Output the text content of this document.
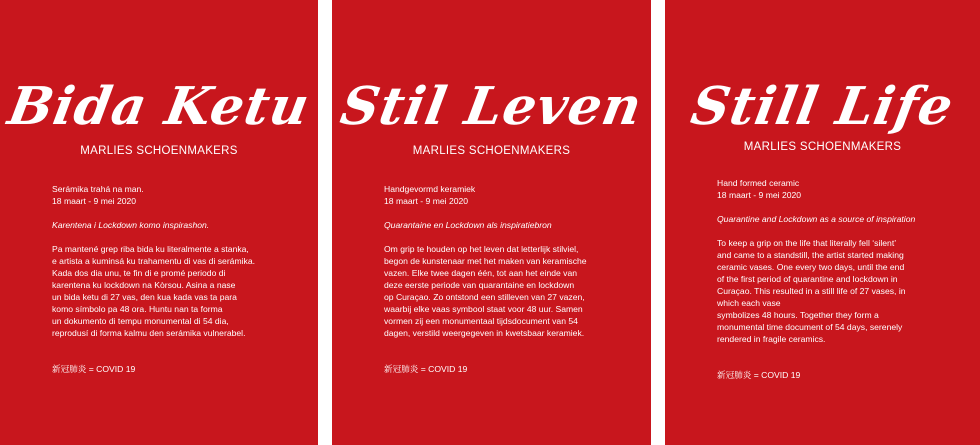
Bida Ketu
MARLIES SCHOENMAKERS

Serámika trahá na man.

18 maart - 9 mei 2020

Karentena i Lockdown komo inspirashon.

Pa mantené grep riba bida ku literalmente a stanka,

e artista a kuminsá ku trahamentu di vas di serámika.

Kada dos dia unu, te fin di e promé periodo di

karentena ku lockdown na Kòrsou. Asina a nase

un bida ketu di 27 vas, den kua kada vas ta para

komo símbolo pa 48 ora. Huntu nan ta forma

un dokumento di tempu monumental di 54 dia,

reprodusí di forma kalmu den serámika vulnerabel.

新冠肺炎 = COVID 19

Stil Leven
MARLIES SCHOENMAKERS

Handgevormd keramiek

18 maart - 9 mei 2020

Quarantaine en Lockdown als inspiratiebron

Om grip te houden op het leven dat letterlijk stilviel,

begon de kunstenaar met het maken van keramische

vazen. Elke twee dagen één, tot aan het einde van

deze eerste periode van quarantaine en lockdown

op Curaçao. Zo ontstond een stilleven van 27 vazen,

waarbij elke vaas symbool staat voor 48 uur. Samen

vormen zij een monumentaal tijdsdocument van 54

dagen, verstild weergegeven in kwetsbaar keramiek.

新冠肺炎 = COVID 19

Still Life
MARLIES SCHOENMAKERS

Hand formed ceramic

18 maart - 9 mei 2020

Quarantine and Lockdown as a source of inspiration

To keep a grip on the life that literally fell ‘silent’

and came to a standstill, the artist started making

ceramic vases. One every two days, until the end

of the first period of quarantine and lockdown in

Curaçao. This resulted in a still life of 27 vases, in

which each vase

symbolizes 48 hours. Together they form a

monumental time document of 54 days, serenely

rendered in fragile ceramics.

新冠肺炎 = COVID 19
